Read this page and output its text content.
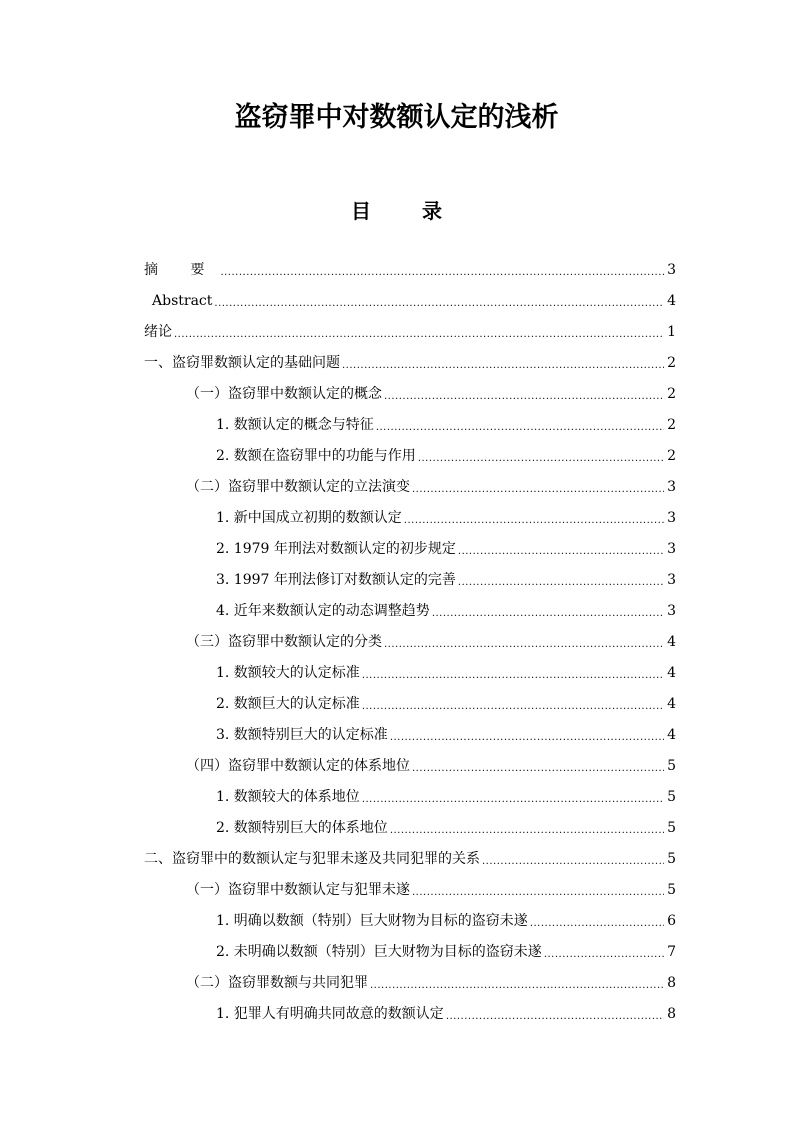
盗窃罪中对数额认定的浅析
目 录
摘 要 .....	3
Abstract .....	4
绪论 .....	1
一、盗窃罪数额认定的基础问题 .....	2
（一）盗窃罪中数额认定的概念 .....	2
1. 数额认定的概念与特征 .....	2
2. 数额在盗窃罪中的功能与作用 .....	2
（二）盗窃罪中数额认定的立法演变 .....	3
1. 新中国成立初期的数额认定 .....	3
2. 1979 年刑法对数额认定的初步规定 .....	3
3. 1997 年刑法修订对数额认定的完善 .....	3
4. 近年来数额认定的动态调整趋势 .....	3
（三）盗窃罪中数额认定的分类 .....	4
1. 数额较大的认定标准 .....	4
2. 数额巨大的认定标准 .....	4
3. 数额特别巨大的认定标准 .....	4
（四）盗窃罪中数额认定的体系地位 .....	5
1. 数额较大的体系地位 .....	5
2. 数额特别巨大的体系地位 .....	5
二、盗窃罪中的数额认定与犯罪未遂及共同犯罪的关系 .....	5
（一）盗窃罪中数额认定与犯罪未遂 .....	5
1. 明确以数额（特别）巨大财物为目标的盗窃未遂 .....	6
2. 未明确以数额（特别）巨大财物为目标的盗窃未遂 .....	7
（二）盗窃罪数额与共同犯罪 .....	8
1. 犯罪人有明确共同故意的数额认定 .....	8
